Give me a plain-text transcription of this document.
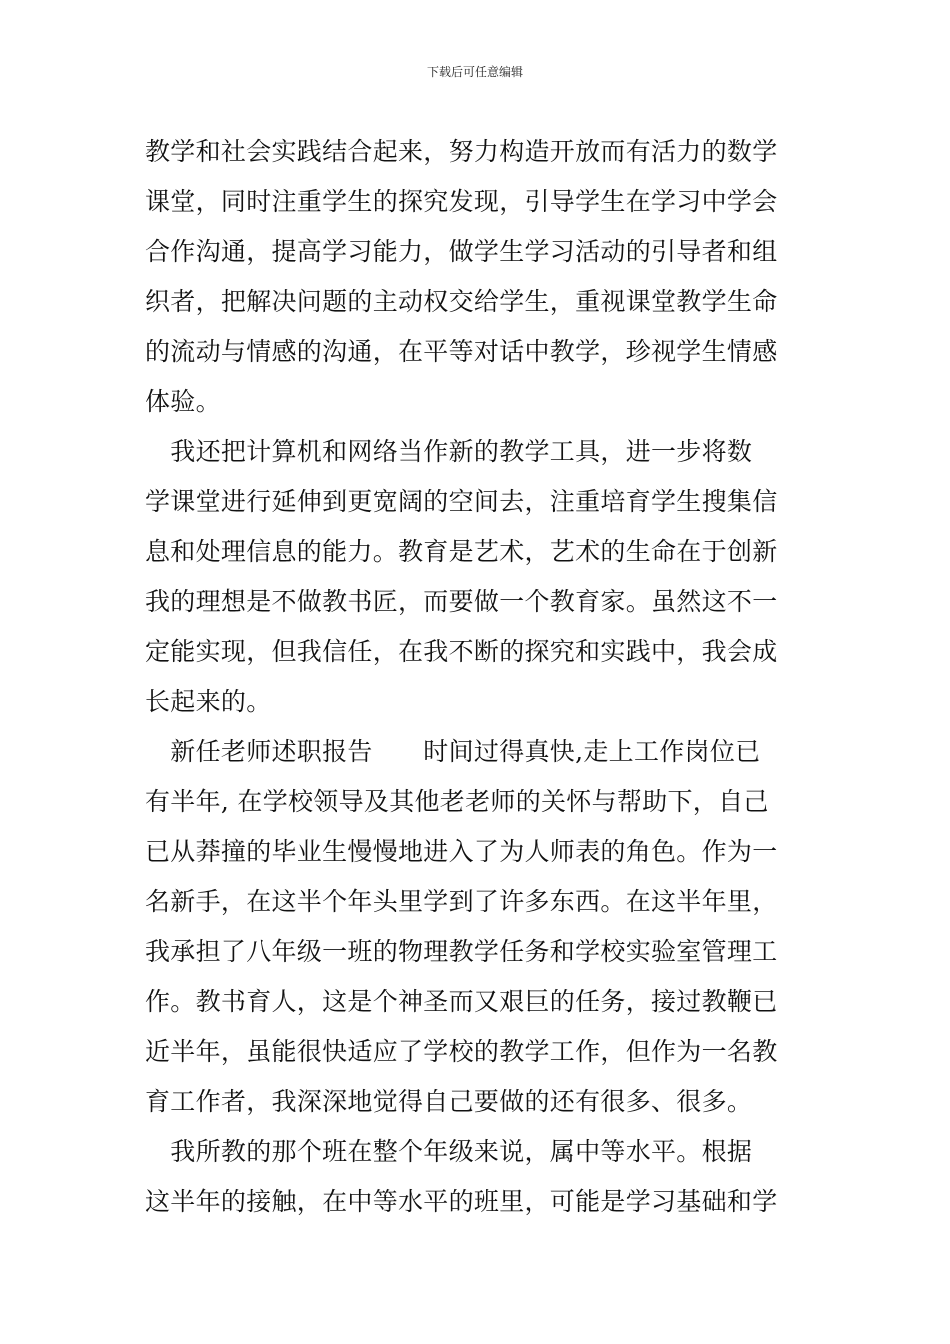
下载后可任意编辑
教学和社会实践结合起来，努力构造开放而有活力的数学
课堂，同时注重学生的探究发现，引导学生在学习中学会
合作沟通，提高学习能力，做学生学习活动的引导者和组
织者，把解决问题的主动权交给学生，重视课堂教学生命
的流动与情感的沟通，在平等对话中教学，珍视学生情感
体验。
　我还把计算机和网络当作新的教学工具，进一步将数
学课堂进行延伸到更宽阔的空间去，注重培育学生搜集信
息和处理信息的能力。教育是艺术，艺术的生命在于创新
我的理想是不做教书匠，而要做一个教育家。虽然这不一
定能实现，但我信任，在我不断的探究和实践中，我会成
长起来的。
　新任老师述职报告　　时间过得真快,走上工作岗位已
有半年, 在学校领导及其他老老师的关怀与帮助下，自己
已从莽撞的毕业生慢慢地进入了为人师表的角色。作为一
名新手，在这半个年头里学到了许多东西。在这半年里，
我承担了八年级一班的物理教学任务和学校实验室管理工
作。教书育人，这是个神圣而又艰巨的任务，接过教鞭已
近半年，虽能很快适应了学校的教学工作，但作为一名教
育工作者，我深深地觉得自己要做的还有很多、很多。
　我所教的那个班在整个年级来说，属中等水平。根据
这半年的接触，在中等水平的班里，可能是学习基础和学
